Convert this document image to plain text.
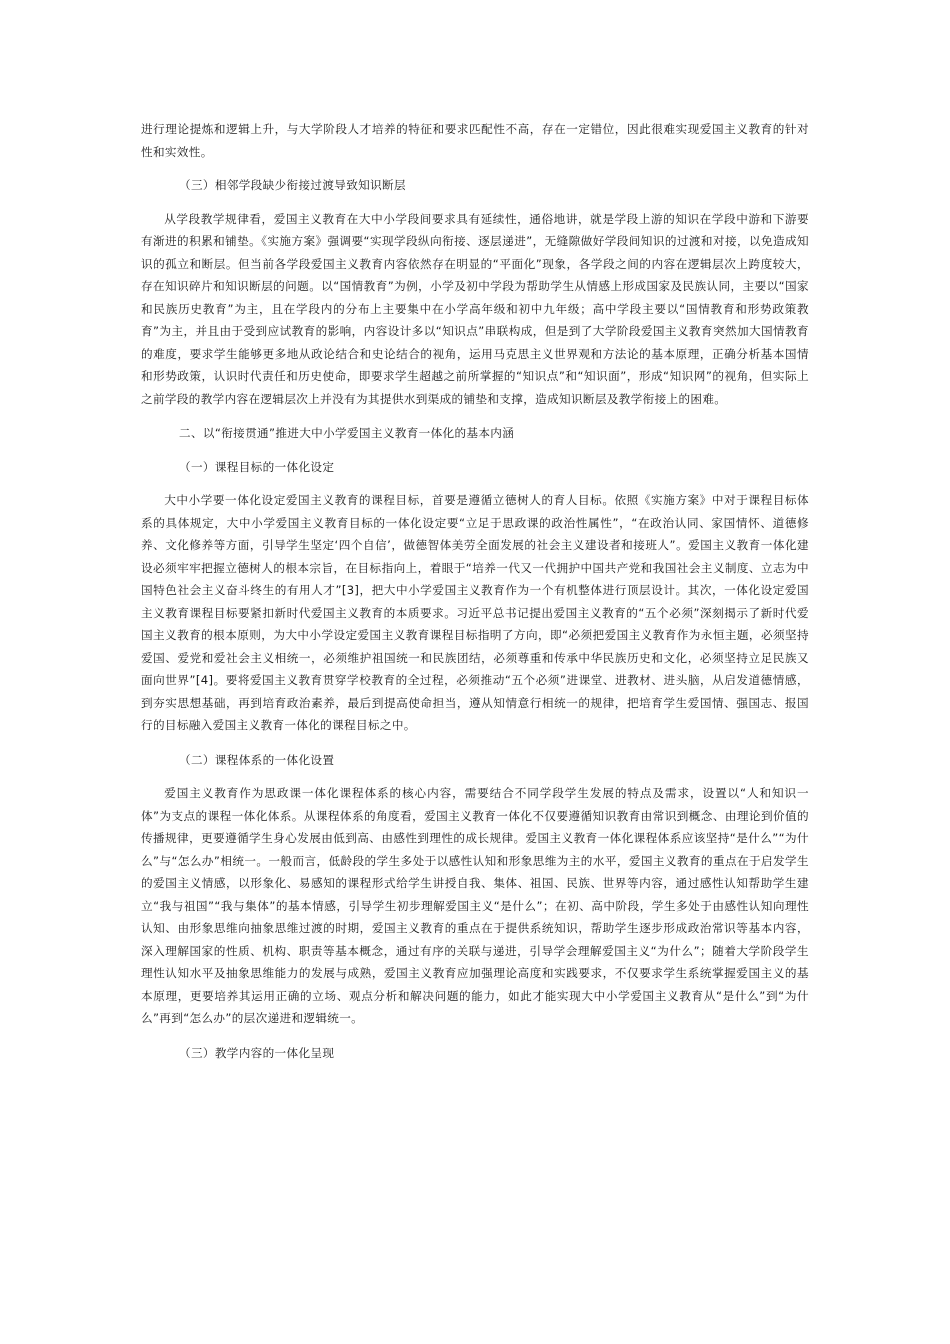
进行理论提炼和逻辑上升，与大学阶段人才培养的特征和要求匹配性不高，存在一定错位，因此很难实现爱国主义教育的针对性和实效性。

（三）相邻学段缺少衔接过渡导致知识断层

从学段教学规律看，爱国主义教育在大中小学段间要求具有延续性，通俗地讲，就是学段上游的知识在学段中游和下游要有渐进的积累和铺垫。《实施方案》强调要“实现学段纵向衔接、逐层递进”，无缝隙做好学段间知识的过渡和对接，以免造成知识的孤立和断层。但当前各学段爱国主义教育内容依然存在明显的“平面化”现象，各学段之间的内容在逻辑层次上跨度较大，存在知识碎片和知识断层的问题。以“国情教育”为例，小学及初中学段为帮助学生从情感上形成国家及民族认同，主要以“国家和民族历史教育”为主，且在学段内的分布上主要集中在小学高年级和初中九年级；高中学段主要以“国情教育和形势政策教育”为主，并且由于受到应试教育的影响，内容设计多以“知识点”串联构成，但是到了大学阶段爱国主义教育突然加大国情教育的难度，要求学生能够更多地从政论结合和史论结合的视角，运用马克思主义世界观和方法论的基本原理，正确分析基本国情和形势政策，认识时代责任和历史使命，即要求学生超越之前所掌握的“知识点”和“知识面”，形成“知识网”的视角，但实际上之前学段的教学内容在逻辑层次上并没有为其提供水到渠成的铺垫和支撑，造成知识断层及教学衔接上的困难。

二、以“衔接贯通”推进大中小学爱国主义教育一体化的基本内涵

（一）课程目标的一体化设定

大中小学要一体化设定爱国主义教育的课程目标，首要是遵循立德树人的育人目标。依照《实施方案》中对于课程目标体系的具体规定，大中小学爱国主义教育目标的一体化设定要“立足于思政课的政治性属性”，“在政治认同、家国情怀、道德修养、文化修养等方面，引导学生坚定‘四个自信’，做德智体美劳全面发展的社会主义建设者和接班人”。爱国主义教育一体化建设必须牢牢把握立德树人的根本宗旨，在目标指向上，着眼于“培养一代又一代拥护中国共产党和我国社会主义制度、立志为中国特色社会主义奋斗终生的有用人才”[3]，把大中小学爱国主义教育作为一个有机整体进行顶层设计。其次，一体化设定爱国主义教育课程目标要紧扣新时代爱国主义教育的本质要求。习近平总书记提出爱国主义教育的“五个必须”深刻揭示了新时代爱国主义教育的根本原则，为大中小学设定爱国主义教育课程目标指明了方向，即“必须把爱国主义教育作为永恒主题，必须坚持爱国、爱党和爱社会主义相统一，必须维护祖国统一和民族团结，必须尊重和传承中华民族历史和文化，必须坚持立足民族又面向世界”[4]。要将爱国主义教育贯穿学校教育的全过程，必须推动“五个必须”进课堂、进教材、进头脑，从启发道德情感，到夯实思想基础，再到培育政治素养，最后到提高使命担当，遵从知情意行相统一的规律，把培育学生爱国情、强国志、报国行的目标融入爱国主义教育一体化的课程目标之中。

（二）课程体系的一体化设置

爱国主义教育作为思政课一体化课程体系的核心内容，需要结合不同学段学生发展的特点及需求，设置以“人和知识一体”为支点的课程一体化体系。从课程体系的角度看，爱国主义教育一体化不仅要遵循知识教育由常识到概念、由理论到价值的传播规律，更要遵循学生身心发展由低到高、由感性到理性的成长规律。爱国主义教育一体化课程体系应该坚持“是什么”“为什么”与“怎么办”相统一。一般而言，低龄段的学生多处于以感性认知和形象思维为主的水平，爱国主义教育的重点在于启发学生的爱国主义情感，以形象化、易感知的课程形式给学生讲授自我、集体、祖国、民族、世界等内容，通过感性认知帮助学生建立“我与祖国”“我与集体”的基本情感，引导学生初步理解爱国主义“是什么”；在初、高中阶段，学生多处于由感性认知向理性认知、由形象思维向抽象思维过渡的时期，爱国主义教育的重点在于提供系统知识，帮助学生逐步形成政治常识等基本内容，深入理解国家的性质、机构、职责等基本概念，通过有序的关联与递进，引导学会理解爱国主义“为什么”；随着大学阶段学生理性认知水平及抽象思维能力的发展与成熟，爱国主义教育应加强理论高度和实践要求，不仅要求学生系统掌握爱国主义的基本原理，更要培养其运用正确的立场、观点分析和解决问题的能力，如此才能实现大中小学爱国主义教育从“是什么”到“为什么”再到“怎么办”的层次递进和逻辑统一。

（三）教学内容的一体化呈现
